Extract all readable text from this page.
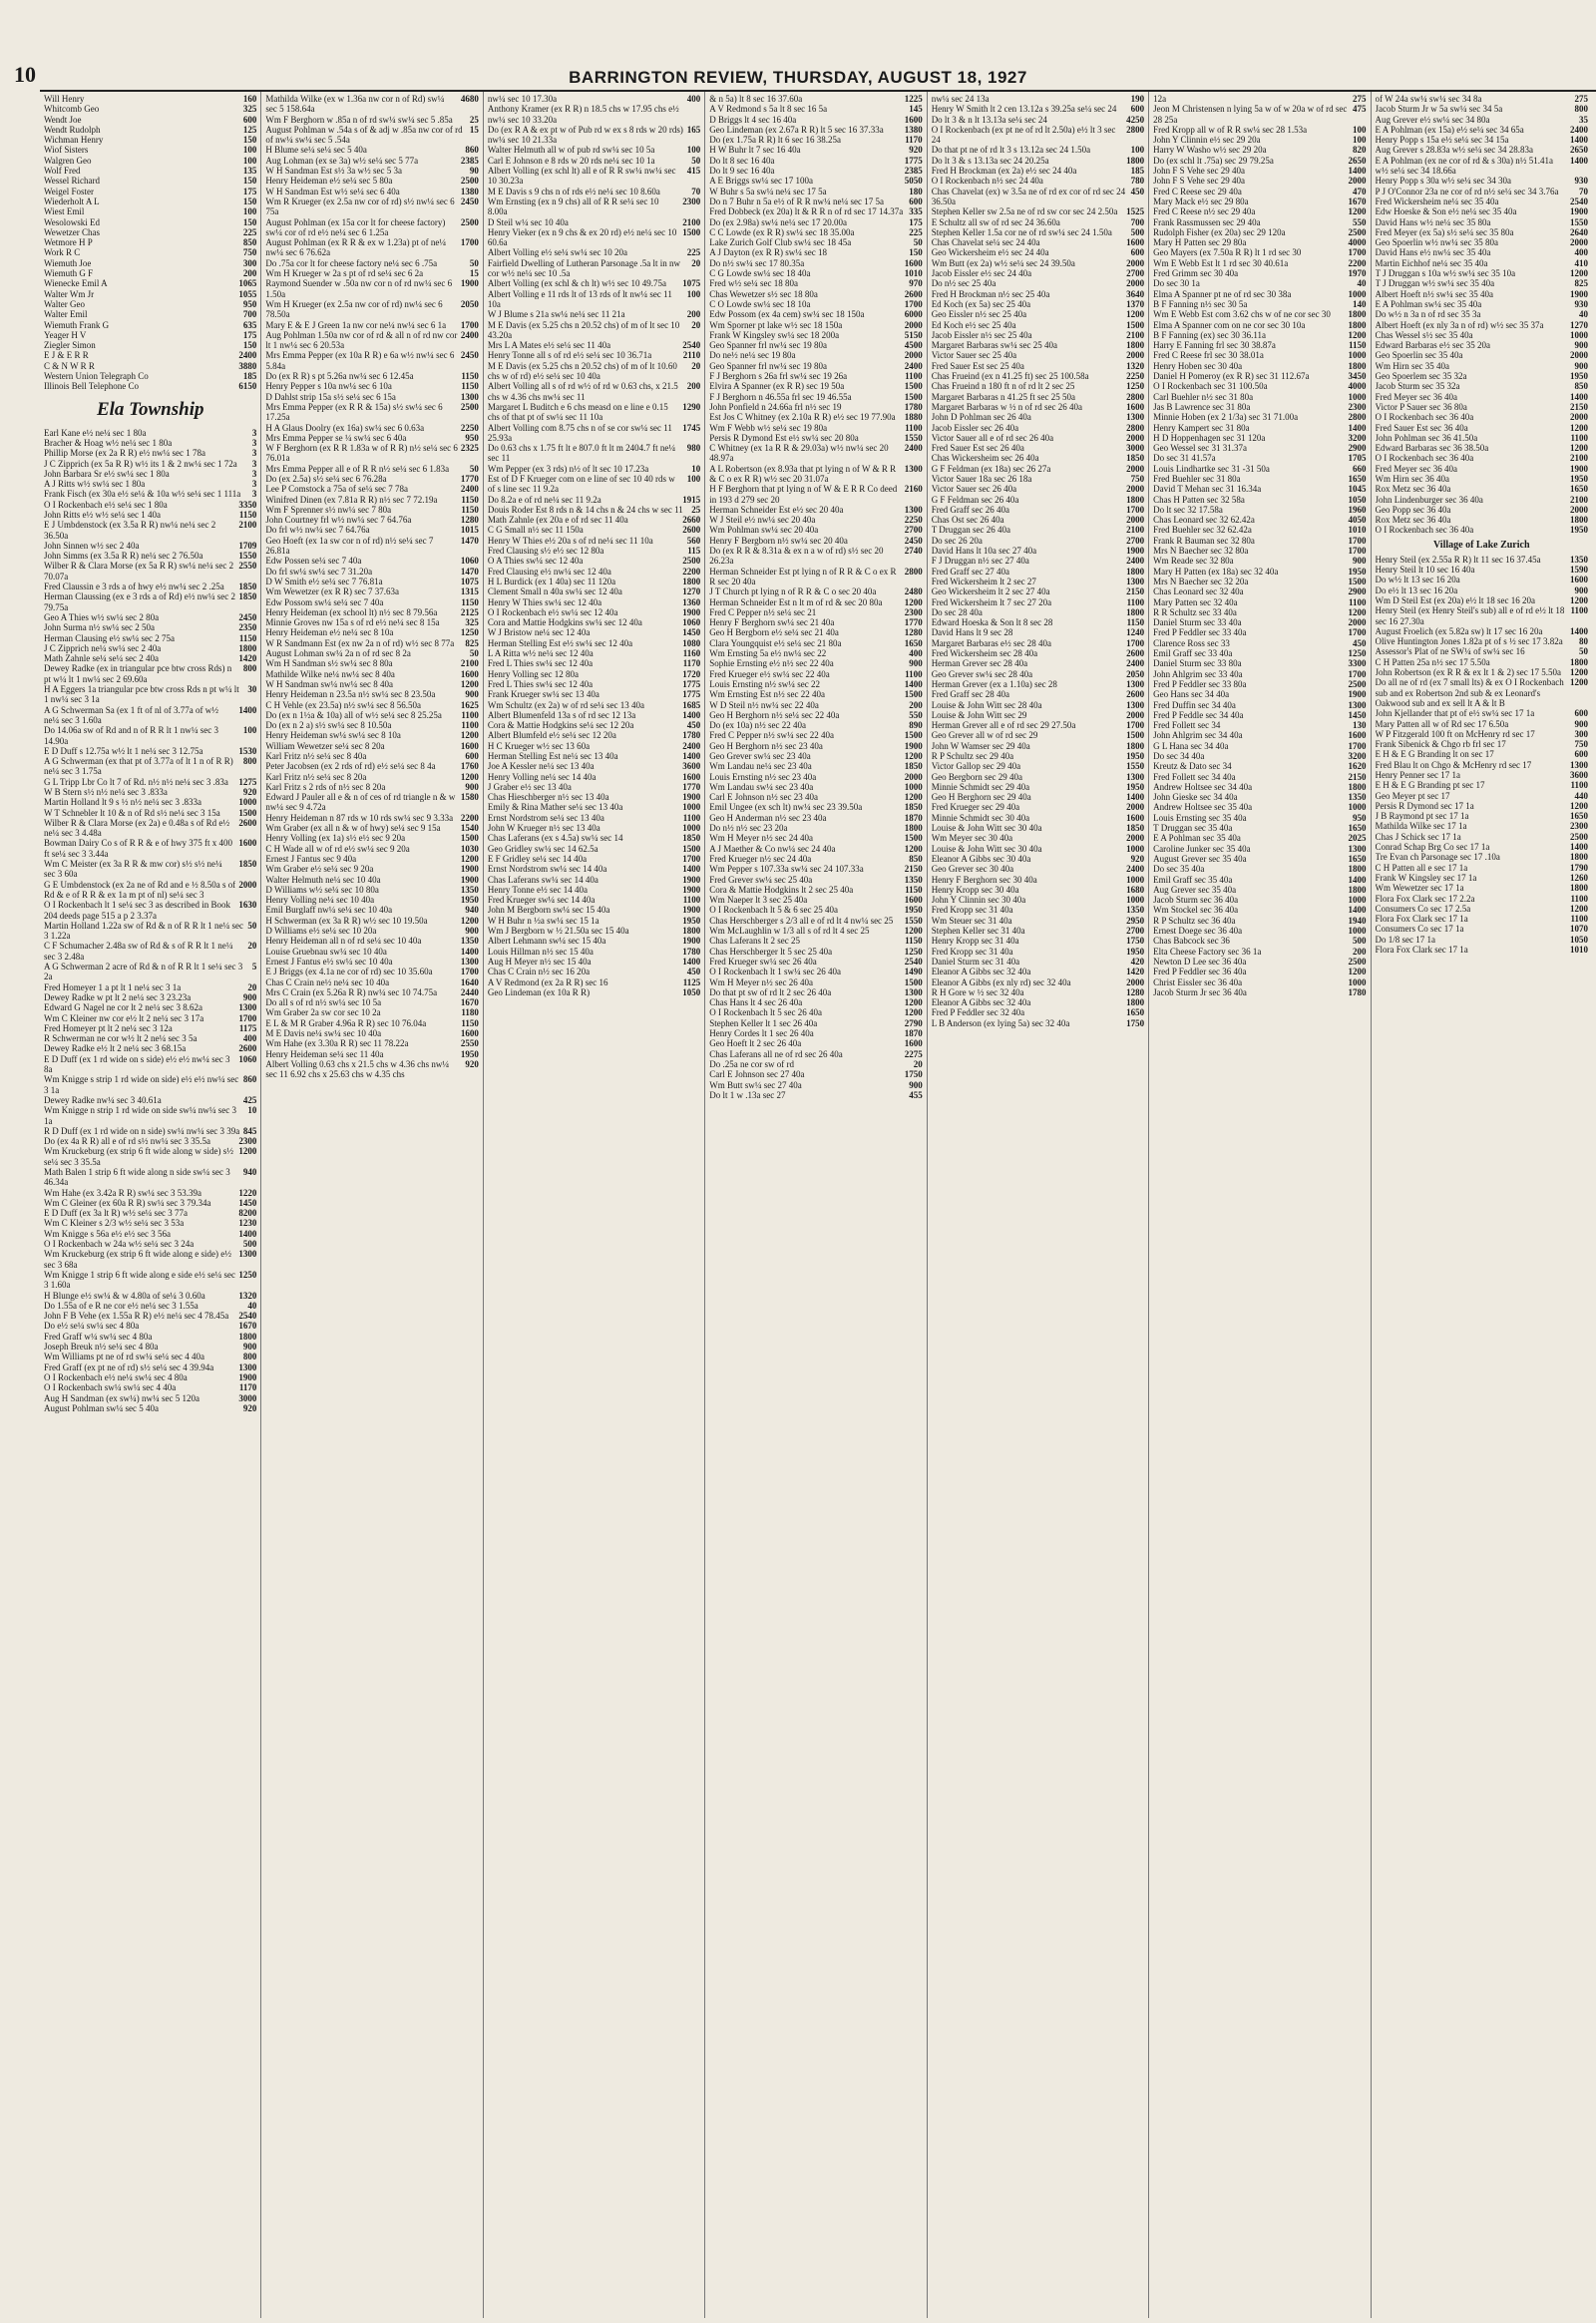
10	BARRINGTON REVIEW, THURSDAY, AUGUST 18, 1927
Will Henry	160
Whitcomb Geo	325
Wendt Joe	600
Wendt Rudolph	125
Wichman Henry	150
Wiof Sisters	100
Walgren Geo	100
Wolf Fred	135
Wessel Richard	150
Weigel Foster	175
Wiederholt A L	150
Wiest Emil	100
Wesolowski Ed	150
Wewetzer Chas	225
Wetmore H P	850
Work R C	750
Wiemuth Joe	300
Wiemuth G F	200
Wienecke Emil A	1065
Walter Wm Jr	1055
Walter Geo	950
Walter Emil	700
Wiemuth Frank G	635
Yeager H V	175
Ziegler Simon	150
E J & E R R	2400
C & N W R R	3880
Western Union Telegraph Co	185
Illinois Bell Telephone Co	6150
Ela Township
Earl Kane e½ ne¼ sec 1 80a	3
Bracher & Hoag w½ ne¼ sec 1 80a	3
Phillip Morse (ex 2a R R) e½ nw¼ sec 1 78a	3
J C Zipprich (ex 5a R R) w½ its 1 & 2 nw¼ sec 1 72a	3
John Barbara Sr e½ sw¼ sec 1 80a	3
A J Ritts w½ sw¼ sec 1 80a	3
Frank Fisch (ex 30a e½ se¼ & 10a w½ se¼ sec 1 111a	3
O I Rockenbach e½ se¼ sec 1 80a	3350
John Ritts e½ w½ se¼ sec 1 40a	1150
E J Umbdenstock (ex 3.5a R R) nw¼ ne¼ sec 2 36.50a
2100
John Sinnen w½ sec 2 40a	1709
John Simms (ex 3.5a R R) ne¼ sec 2 76.50a	1550
Wilber R & Clara Morse (ex 5a R R) sw¼ ne¼ sec 2 70.07a
2550
Fred Claussin e 3 rds a of hwy e½ nw¼ sec 2 .25a	1850
Herman Claussing (ex e 3 rds a of Rd) e½ nw¼ sec 2 79.75a
1850
Geo A Thies w½ sw¼ sec 2 80a	2450
John Surma n½ sw¼ sec 2 50a	2350
Herman Clausing e½ sw¼ sec 2 75a	1150
J C Zipprich ne¼ sw¼ sec 2 40a	1800
Math Zahnle se¼ se¼ sec 2 40a	1420
Dewey Radke (ex in triangular pce btw cross Rds) n pt w¼ lt 1 nw¼ sec 2 69.60a
800
H A Eggers 1a triangular pce btw cross Rds n pt w¼ lt 1 nw¼ sec 3 1a
30
A G Schwerman Sa (ex 1 ft of nl of 3.77a of w½ ne¼ sec 3 1.60a
1400
Do 14.06a sw of Rd and n of R R lt 1 nw¼ sec 3 14.90a
100
E D Duff s 12.75a w½ lt 1 ne¼ sec 3 12.75a	1530
A G Schwerman (ex that pt of 3.77a of lt 1 n of R R) ne¼ sec 3 1.75a
800
G L Tripp Lbr Co lt 7 of Rd. n½ n½ ne¼ sec 3 .83a	1275
W B Stern s½ n½ ne¼ sec 3 .833a	920
Martin Holland lt 9 s ½ n½ ne¼ sec 3 .833a	1000
W T Schnebler lt 10 & n of Rd s½ ne¼ sec 3 15a	1500
Wilber R & Clara Morse (ex 2a) e 0.48a s of Rd e½ ne¼ sec 3 4.48a
2600
Bowman Dairy Co s of R R & e of hwy 375 ft x 400 ft se¼ sec 3 3.44a
1600
Wm C Meister (ex 3a R R & mw cor) s½ s½ ne¼ sec 3 60a
1850
G E Umbdenstock (ex 2a ne of Rd and e ½ 8.50a s of Rd & e of R R & ex 1a m pt of nl) se¼ sec 3
2000
O I Rockenbach lt 1 se¼ sec 3 as described in Book 204 deeds page 515 a p 2 3.37a
1630
Martin Holland 1.22a sw of Rd & n of R R lt 1 ne¼ sec 3 1.22a
50
C F Schumacher 2.48a sw of Rd & s of R R lt 1 ne¼ sec 3 2.48a
20
A G Schwerman 2 acre of Rd & n of R R lt 1 se¼ sec 3 2a
5
Fred Homeyer 1 a pt lt 1 ne¼ sec 3 1a	20
Dewey Radke w pt lt 2 ne¼ sec 3 23.23a	900
Edward G Nagel ne cor lt 2 ne¼ sec 3 8.62a	1300
Wm C Kleiner nw cor e½ lt 2 ne¼ sec 3 17a	1700
Fred Homeyer pt lt 2 ne¼ sec 3 12a	1175
R Schwerman ne cor w½ lt 2 ne¼ sec 3 5a	400
Dewey Radke e½ lt 2 ne¼ sec 3 68.15a	2600
E D Duff (ex 1 rd wide on s side) e½ e½ nw¼ sec 3 8a
1060
Wm Knigge s strip 1 rd wide on side) e½ e½ nw¼ sec 3 1a
860
Dewey Radke nw¼ sec 3 40.61a	425
Wm Knigge n strip 1 rd wide on side sw¼ nw¼ sec 3 1a
10
R D Duff (ex 1 rd wide on n side) sw¼ nw¼ sec 3 39a 845
Do (ex 4a R R) all e of rd s½ nw¼ sec 3 35.5a	2300
Wm Kruckeburg (ex strip 6 ft wide along w side) s½ se¼ sec 3 35.5a
1200
Math Balen 1 strip 6 ft wide along n side sw¼ sec 3 46.34a
940
Wm Hahe (ex 3.42a R R) sw¼ sec 3 53.39a	1220
Wm C Gleiner (ex 60a R R) sw¼ sec 3 79.34a	1450
E D Duff (ex 3a lt R) w½ se¼ sec 3 77a	8200
Wm C Kleiner s 2/3 w½ se¼ sec 3 53a	1230
Wm Knigge s 56a e½ e½ sec 3 56a	1400
O I Rockenbach w 24a w½ se¼ sec 3 24a	500
Wm Kruckeburg (ex strip 6 ft wide along e side) e½ sec 3 68a
1300
Wm Knigge 1 strip 6 ft wide along e side e½ se¼ sec 3 1.60a
1250
H Blunge e½ sw¼ & w 4.80a of se¼ 3 0.60a	1320
Do 1.55a of e R ne cor e½ ne¼ sec 3 1.55a	40
John F B Vehe (ex 1.55a R R) e½ ne¼ sec 4 78.45a	2540
Do e½ se¼ sw¼ sec 4 80a	1670
Fred Graff w¼ sw¼ sec 4 80a	1800
Joseph Breuk n½ se¼ sec 4 80a	900
Wm Williams pt ne of rd sw¼ se¼ sec 4 40a	800
Fred Graff (ex pt ne of rd) s½ se¼ sec 4 39.94a	1300
O I Rockenbach e½ ne¼ sw¼ sec 4 80a	1900
O I Rockenbach sw¼ sw¼ sec 4 40a	1170
Aug H Sandman (ex sw¼) nw¼ sec 5 120a	3000
August Pohlman sw¼ sec 5 40a	920
Mathilda Wilke (ex w 1.36a nw cor n of Rd) sw¼ sec 5 158.64a
4680
Wm F Berghorn w .85a n of rd sw¼ sw¼ sec 5 .85a	25
August Pohlman w .54a s of & adj w .85a nw cor of rd of nw¼ sw¼ sec 5 .54a
15
H Blume se¼ se¼ sec 5 40a	860
Aug Lohman (ex se 3a) w½ se¼ sec 5 77a	2385
W H Sandman Est s½ 3a w½ sec 5 3a	90
Henry Heideman e½ se¼ sec 5 80a	2500
W H Sandman Est w½ se¼ sec 6 40a	1380
Wm R Krueger (ex 2.5a nw cor of rd) s½ nw¼ sec 6 75a
2450
August Pohlman (ex 15a cor lt for cheese factory) sw¼ cor of rd e½ ne¼ sec 6 1.25a
2500
August Pohlman (ex R R & ex w 1.23a) pt of ne¼ nw¼ sec 6 76.62a
1700
Do .75a cor lt for cheese factory ne¼ sec 6 .75a	50
Wm H Krueger w 2a s pt of rd se¼ sec 6 2a	15
Raymond Suender w .50a nw cor n of rd nw¼ sec 6 1.50a
1900
Wm H Krueger (ex 2.5a nw cor of rd) nw¼ sec 6 78.50a
2050
Mary E & E J Green 1a nw cor ne¼ nw¼ sec 6 1a	1700
Aug Pohlman 1.50a nw cor of rd & all n of rd nw cor lt 1 nw¼ sec 6 20.53a
2400
Mrs Emma Pepper (ex 10a R R) e 6a w½ nw¼ sec 6 5.84a
2450
Do (ex R R) s pt 5.26a nw¼ sec 6 12.45a	1150
Henry Pepper s 10a nw¼ sec 6 10a	1150
D Dahlst strip 15a s½ se¼ sec 6 15a	1300
Mrs Emma Pepper (ex R R & 15a) s½ sw¼ sec 6 17.25a
2500
H A Glaus Doolry (ex 16a) sw¼ sec 6 0.63a	2250
Mrs Emma Pepper se ¼ sw¼ sec 6 40a	950
W F Berghorn (ex R R 1.83a w of R R) n½ se¼ sec 6 76.01a
2325
Mrs Emma Pepper all e of R R n½ se¼ sec 6 1.83a	50
Do (ex 2.5a) s½ se¼ sec 6 76.28a	1770
Lee P Comstock a 75a of se¼ sec 7 78a	2400
Winifred Dinen (ex 7.81a R R) n½ sec 7 72.19a	1150
Wm F Sprenner s½ nw¼ sec 7 80a	1150
John Courtney frl w½ nw¼ sec 7 64.76a	1280
Do frl w½ nw¼ sec 7 64.76a	1015
Geo Hoeft (ex 1a sw cor n of rd) n½ se¼ sec 7 26.81a
1470
Edw Possen se¼ sec 7 40a	1060
Do frl sw¼ sw¼ sec 7 31.20a	1470
D W Smith e½ se¼ sec 7 76.81a	1075
Wm Wewetzer (ex R R) sec 7 37.63a	1315
Edw Possom sw¼ se¼ sec 7 40a	1150
Henry Heideman (ex school lt) n½ sec 8 79.56a	2125
Minnie Groves nw 15a s of rd e½ ne¼ sec 8 15a	325
Henry Heideman e½ ne¼ sec 8 10a	1250
W R Sandmann Est (ex nw 2a n of rd) w½ sec 8 77a	825
August Lohman sw¼ 2a n of rd sec 8 2a	50
Wm H Sandman s½ sw¼ sec 8 80a	2100
Mathilde Wilke ne¼ nw¼ sec 8 40a	1600
W H Sandman sw¼ nw¼ sec 8 40a	1200
Henry Heideman n 23.5a n½ sw¼ sec 8 23.50a	900
C H Vehle (ex 23.5a) n½ sw¼ sec 8 56.50a	1625
Do (ex n 1½a & 10a) all of w½ se¼ sec 8 25.25a	1100
Do (ex n 2 a) s½ sw¼ sec 8 10.50a	1100
Henry Heideman sw¼ sw¼ sec 8 10a	1200
William Wewetzer se¼ sec 8 20a	1600
Karl Fritz n½ se¼ sec 8 40a	600
Peter Jacobsen (ex 2 rds of rd) e½ se¼ sec 8 4a	1760
Karl Fritz n½ se¼ sec 8 20a	1200
Karl Fritz s 2 rds of n½ sec 8 20a	900
Edward J Pauler all e & n of ces of rd triangle n & w nw¼ sec 9 4.72a
1580
Henry Heideman n 87 rds w 10 rds sw¼ sec 9 3.33a 2200
Wm Graber (ex all n & w of hwy) se¼ sec 9 15a	1540
Henry Volling (ex 1a) s½ e½ sec 9 20a	1500
C H Wade all w of rd e½ sw¼ sec 9 20a	1030
Ernest J Fantus sec 9 40a	1200
Wm Graber e½ se¼ sec 9 20a	1900
Walter Helmuth ne¼ sec 10 40a	1900
D Williams w½ se¼ sec 10 80a	1350
Henry Volling ne¼ sec 10 40a	1950
Emil Burglaff nw¼ se¼ sec 10 40a	940
H Schwerman (ex 3a R R) w½ sec 10 19.50a	1200
D Williams e½ se¼ sec 10 20a	900
Henry Heideman all n of rd se¼ sec 10 40a	1350
Louise Gruebnau sw¼ sec 10 40a	1400
Ernest J Fantus e½ sw¼ sec 10 40a	1300
E J Briggs (ex 4.1a ne cor of rd) sec 10 35.60a	1700
Chas C Crain ne½ ne¼ sec 10 40a	1640
Mrs C Crain (ex 5.26a R R) nw¼ sec 10 74.75a	2440
Do all s of rd n½ sw¼ sec 10 5a	1670
Wm Graber 2a sw cor sec 10 2a	1180
E L & M R Graber 4.96a R R) sec 10 76.04a	1150
M E Davis ne¼ sw¼ sec 10 40a	1600
Wm Hahe (ex 3.30a R R) sec 11 78.22a	2550
Henry Heideman se¼ sec 11 40a	1950
Albert Volling 0.63 chs x 21.5 chs w 4.36 chs nw¼ sec 11 6.92 chs x 25.63 chs w 4.35 chs
920
nw¼ sec 10 17.30a	400
Anthony Kramer (ex R R) n 18.5 chs w 17.95 chs e½ nw¼ sec 10 33.20a
Do (ex R A & ex pt w of Pub rd w ex s 8 rds w 20 rds) nw¼ sec 10 21.33a
165
Walter Helmuth all w of pub rd sw¼ sec 10 5a	100
Carl E Johnson e 8 rds w 20 rds ne¼ sec 10 1a	50
Albert Volling (ex schl lt) all e of R R sw¼ nw¼ sec 10 30.23a
415
M E Davis s 9 chs n of rds e½ ne¼ sec 10 8.60a	70
Wm Ernsting (ex n 9 chs) all of R R se¼ sec 10 8.00a
2300
D Steil w¼ sec 10 40a	2100
Henry Vieker (ex n 9 chs & ex 20 rd) e½ ne¼ sec 10 60.6a
1500
Albert Volling e½ se¼ sw¼ sec 10 20a	225
Fairfield Dwelling of Lutheran Parsonage .5a lt in nw cor w½ ne¼ sec 10 .5a
20
Albert Volling (ex schl & ch lt) w½ sec 10 49.75a	1075
Albert Volling e 11 rds lt of 13 rds of lt nw¼ sec 11 10a
100
W J Blume s 21a sw¼ ne¼ sec 11 21a	200
M E Davis (ex 5.25 chs n 20.52 chs) of m of lt sec 10 43.20a
20
Mrs L A Mates e½ se¼ sec 11 40a	2540
Henry Tonne all s of rd e½ se¼ sec 10 36.71a	2110
M E Davis (ex 5.25 chs n 20.52 chs) of m of lt 10.60 chs w of rd) e½ se¼ sec 10 40a
20
Albert Volling all s of rd w½ of rd w 0.63 chs, x 21.5 chs w 4.36 chs nw¼ sec 11
200
Margaret L Buditch e 6 chs measd on e line e 0.15 chs of that pt of sw¼ sec 11 10a
1290
Albert Volling com 8.75 chs n of se cor sw¼ sec 11 25.93a
1745
Do 0.63 chs x 1.75 ft lt e 807.0 ft lt m 2404.7 ft ne¼ sec 11
980
Wm Pepper (ex 3 rds) n½ of lt sec 10 17.23a	10
Est of D F Krueger com on e line of sec 10 40 rds w of s line sec 11 9.2a
100
Do 8.2a e of rd ne¼ sec 11 9.2a	1915
Douis Roder Est 8 rds n & 14 chs n & 24 chs w sec 11 25
Math Zahnle (ex 20a e of rd sec 11 40a	2660
C G Small n½ sec 11 150a	2600
Henry W Thies e½ 20a s of rd ne¼ sec 11 10a	560
Fred Clausing s½ e½ sec 12 80a	115
O A Thies sw¼ sec 12 40a	2500
Fred Clausing e½ nw¼ sec 12 40a	2200
H L Burdick (ex 1 40a) sec 11 120a	1800
Clement Small n 40a sw¼ sec 12 40a	1270
Henry W Thies sw¼ sec 12 40a	1360
O I Rockenbach e½ sw¼ sec 12 40a	1900
Cora and Mattie Hodgkins sw¼ sec 12 40a	1060
W J Bristow ne¼ sec 12 40a	1450
Herman Stelling Est e½ sw¼ sec 12 40a	1080
L A Ritta w½ ne¼ sec 12 40a	1160
Fred L Thies sw¼ sec 12 40a	1170
Henry Volling sec 12 80a	1720
Fred L Thies sw¼ sec 12 40a	1775
Frank Krueger sw¼ sec 13 40a	1775
Wm Schultz (ex 2a) w of rd se¼ sec 13 40a	1685
Albert Blumenfeld 13a s of rd sec 12 13a	1400
Cora & Mattie Hodgkins se¼ sec 12 20a	450
Albert Blumfeld e½ se¼ sec 12 20a	1780
H C Krueger w½ sec 13 60a	2400
Herman Stelling Est ne¼ sec 13 40a	1400
Joe A Kessler ne¼ sec 13 40a	3600
Henry Volling ne¼ sec 14 40a	1600
J Graber e½ sec 13 40a	1770
Chas Hieschberger n½ sec 13 40a	1900
Emily & Rina Mather se¼ sec 13 40a	1000
Ernst Nordstrom se¼ sec 13 40a	1100
John W Krueger n½ sec 13 40a	1000
Chas Laferans (ex s 4.5a) sw¼ sec 14	1850
Geo Gridley sw¼ sec 14 62.5a	1500
E F Gridley se¼ sec 14 40a	1700
Ernst Nordstrom sw¼ sec 14 40a	1400
Chas Laferans sw¼ sec 14 40a	1900
Henry Tonne e½ sec 14 40a	1900
Fred Krueger sw¼ sec 14 40a	1100
John M Bergborn sw¼ sec 15 40a	1900
W H Buhr n ½a sw¼ sec 15 1a	1950
Wm J Bergborn w ½ 21.50a sec 15 40a	1800
Albert Lehmann sw¼ sec 15 40a	1900
Louis Hillman n½ sec 15 40a	1780
Aug H Meyer n½ sec 15 40a	1400
Chas C Crain n½ sec 16 20a	450
A V Redmond (ex 2a R R) sec 16	1125
Geo Lindeman (ex 10a R R)	1050
& n 5a) lt 8 sec 16 37.60a	1225
A V Redmond s 5a lt 8 sec 16 5a	145
D Briggs lt 4 sec 16 40a	1600
Geo Lindeman (ex 2.67a R R) lt 5 sec 16 37.33a	1380
Do (ex 1.75a R R) lt 6 sec 16 38.25a	1170
H W Buhr lt 7 sec 16 40a	920
Do lt 8 sec 16 40a	1775
Do lt 9 sec 16 40a	2385
A E Briggs sw¼ sec 17 100a	5050
W Buhr s 5a sw¼ ne¼ sec 17 5a	180
Do n 7 Buhr n 5a e½ of R R nw¼ ne¼ sec 17 5a	600
Fred Dobbeck (ex 20a) lt & R R n of rd sec 17 14.37a 335
Do (ex 2.98a) sw¼ ne¼ sec 17 20.00a	175
C C Lowde (ex R R) sw¼ sec 18 35.00a	225
Lake Zurich Golf Club sw¼ sec 18 45a	50
A J Dayton (ex R R) sw¼ sec 18	150
Do n½ sw¼ sec 17 80.35a	1600
C G Lowde sw¼ sec 18 40a	1010
Fred w½ se¼ sec 18 80a	970
Chas Wewetzer s½ sec 18 80a	2600
C O Lowde sw¼ sec 18 10a	1700
Edw Possom (ex 4a cem) sw¼ sec 18 150a	6000
Wm Sporner pt lake w½ sec 18 150a	2000
Frank W Kingsley sw¼ sec 18 200a	5150
Geo Spanner frl nw¼ sec 19 80a	4500
Do ne½ ne¼ sec 19 80a	2000
Geo Spanner frl nw¼ sec 19 80a	2400
F J Berghorn s 26a frl sw¼ sec 19 26a	1100
Elvira A Spanner (ex R R) sec 19 50a	1500
F J Berghorn n 46.55a frl sec 19 46.55a	1500
John Ponfield n 24.66a frl n½ sec 19	1780
Est Jos C Whitney (ex 2.10a R R) e½ sec 19 77.90a	1880
Wm F Webb w½ se¼ sec 19 80a	1100
Persis R Dymond Est e½ sw¼ sec 20 80a	1550
C Whitney (ex 1a R R & 29.03a) w½ nw¼ sec 20 48.97a
2400
A L Robertson (ex 8.93a that pt lying n of W & R R & C o ex R R) w½ sec 20 31.07a
1300
H F Berghorn that pt lying n of W & E R R Co deed in 193 d 279 sec 20
2160
Herman Schneider Est e½ sec 20 40a	1300
W J Steil e½ nw¼ sec 20 40a	2250
Wm Pohlman sw¼ sec 20 40a	2700
Henry F Bergborn n½ sw¼ sec 20 40a	2450
Do (ex R R & 8.31a & ex n a w of rd) s½ sec 20 26.23a
2740
Herman Schneider Est pt lying n of R R & C o ex R R sec 20 40a
2800
J T Church pt lying n of R R & C o sec 20 40a	2480
Herman Schneider Est n lt m of rd & sec 20 80a	1200
Fred C Pepper n½ se¼ sec 21	2300
Henry F Berghorn sw¼ sec 21 40a	1770
Geo H Bergborn e½ se¼ sec 21 40a	1280
Clara Youngquist e½ se¼ sec 21 80a	1650
Wm Ernsting 5a e½ nw¼ sec 22	400
Sophie Ernsting e½ n½ sec 22 40a	900
Fred Krueger e½ sw¼ sec 22 40a	1100
Louis Ernsting n½ sw¼ sec 22	1400
Wm Ernsting Est n½ sec 22 40a	1500
W D Steil n½ nw¼ sec 22 40a	200
Geo H Berghorn n½ se¼ sec 22 40a	550
Do (ex 10a) n½ sec 22 40a	890
Fred C Pepper n½ sw¼ sec 22 40a	1500
Geo H Berghorn n½ sec 23 40a	1900
Geo Grever sw¼ sec 23 40a	1200
Wm Landau ne¼ sec 23 40a	1850
Louis Ernsting n½ sec 23 40a	2000
Wm Landau sw¼ sec 23 40a	1000
Carl E Johnson n½ sec 23 40a	1200
Emil Ungee (ex sch lt) nw¼ sec 23 39.50a	1850
Geo H Anderman n½ sec 23 40a	1870
Do n½ n½ sec 23 20a	1800
Wm H Meyer n½ sec 24 40a	1500
A J Maether & Co nw¼ sec 24 40a	1200
Fred Krueger n½ sec 24 40a	850
Wm Pepper s 107.33a sw¼ sec 24 107.33a	2150
Fred Grever sw¼ sec 25 40a	1350
Cora & Mattie Hodgkins lt 2 sec 25 40a	1150
Wm Naeper lt 3 sec 25 40a	1600
O I Rockenbach lt 5 & 6 sec 25 40a	1950
Chas Herschberger s 2/3 all e of rd lt 4 nw¼ sec 25	1550
Wm McLaughlin w 1/3 all s of rd lt 4 sec 25	1200
Chas Laferans lt 2 sec 25	1150
Chas Herschberger lt 5 sec 25 40a	1250
Fred Krueger sw¼ sec 26 40a	2540
O I Rockenbach lt 1 sw¼ sec 26 40a	1490
Wm H Meyer n½ sec 26 40a	1500
Do that pt sw of rd lt 2 sec 26 40a	1300
Chas Hans lt 4 sec 26 40a	1200
O I Rockenbach lt 5 sec 26 40a	1200
Stephen Keller lt 1 sec 26 40a	2790
Henry Cordes lt 1 sec 26 40a	1870
Geo Hoeft lt 2 sec 26 40a	1600
Chas Laferans all ne of rd sec 26 40a	2275
Do .25a ne cor sw of rd	20
Carl E Johnson sec 27 40a	1750
Wm Butt sw¼ sec 27 40a	900
Do lt 1 w .13a sec 27	455
nw¼ sec 24 13a	190
Henry W Smith lt 2 cen 13.12a s 39.25a se¼ sec 24	600
Do lt 3 & n lt 13.13a se¼ sec 24	4250
O I Rockenbach (ex pt ne of rd lt 2.50a) e½ lt 3 sec 24
2800
Do that pt ne of rd lt 3 s 13.12a sec 24 1.50a	100
Do lt 3 & s 13.13a sec 24 20.25a	1800
Fred H Brockman (ex 2a) e½ sec 24 40a	185
O I Rockenbach n½ sec 24 40a	780
Chas Chavelat (ex) w 3.5a ne of rd ex cor of rd sec 24 36.50a
450
Stephen Keller sw 2.5a ne of rd sw cor sec 24 2.50a 1525
E Schultz all sw of rd sec 24 36.60a	700
Stephen Keller 1.5a cor ne of rd sw¼ sec 24 1.50a	500
Chas Chavelat se¼ sec 24 40a	1600
Geo Wickersheim e½ sec 24 40a	600
Wm Butt (ex 2a) w½ se¼ sec 24 39.50a	2000
Jacob Eissler e½ sec 24 40a	2700
Do n½ sec 25 40a	2000
Fred H Brockman n½ sec 25 40a	3640
Ed Koch (ex 5a) sec 25 40a	1370
Geo Eissler n½ sec 25 40a	1200
Ed Koch e½ sec 25 40a	1500
Jacob Eissler n½ sec 25 40a	2100
Margaret Barbaras sw¼ sec 25 40a	1800
Victor Sauer sec 25 40a	2000
Fred Sauer Est sec 25 40a	1320
Chas Frueind (ex n 41.25 ft) sec 25 100.58a	2250
Chas Frueind n 180 ft n of rd lt 2 sec 25	1250
Margaret Barbaras n 41.25 ft sec 25 50a	2800
Margaret Barbaras w ½ n of rd sec 26 40a	1600
John D Pohlman sec 26 40a	1300
Jacob Eissler sec 26 40a	2800
Victor Sauer all e of rd sec 26 40a	2000
Fred Sauer Est sec 26 40a	3000
Chas Wickersheim sec 26 40a	1850
G F Feldman (ex 18a) sec 26 27a	2000
Victor Sauer 18a sec 26 18a	750
Victor Sauer sec 26 40a	2000
G F Feldman sec 26 40a	1800
Fred Graff sec 26 40a	1700
Chas Ost sec 26 40a	2000
T Druggan sec 26 40a	2100
Do sec 26 20a	2700
David Hans lt 10a sec 27 40a	1900
F J Druggan n½ sec 27 40a	2400
Fred Graff sec 27 40a	1800
Fred Wickersheim lt 2 sec 27	1300
Geo Wickersheim lt 2 sec 27 40a	2150
Fred Wickersheim lt 7 sec 27 20a	1100
Do sec 28 40a	1800
Edward Hoeska & Son lt 8 sec 28	1150
David Hans lt 9 sec 28	1240
Margaret Barbaras e½ sec 28 40a	1700
Fred Wickersheim sec 28 40a	2600
Herman Grever sec 28 40a	2400
Geo Grever sw¼ sec 28 40a	2050
Herman Grever (ex a 1.10a) sec 28	1300
Fred Graff sec 28 40a	2600
Louise & John Witt sec 28 40a	1300
Louise & John Witt sec 29	2000
Herman Grever all e of rd sec 29 27.50a	1700
Geo Grever all w of rd sec 29	1500
John W Wamser sec 29 40a	1800
R P Schultz sec 29 40a	1950
Victor Gallop sec 29 40a	1550
Geo Bergborn sec 29 40a	1300
Minnie Schmidt sec 29 40a	1950
Geo H Berghorn sec 29 40a	1400
Fred Krueger sec 29 40a	2000
Minnie Schmidt sec 30 40a	1600
Louise & John Witt sec 30 40a	1850
Wm Meyer sec 30 40a	2000
Louise & John Witt sec 30 40a	1000
Eleanor A Gibbs sec 30 40a	920
Geo Grever sec 30 40a	2400
Henry F Berghorn sec 30 40a	1000
Henry Kropp sec 30 40a	1680
John Y Clinnin sec 30 40a	1000
Fred Kropp sec 31 40a	1350
Wm Steuer sec 31 40a	2950
Stephen Keller sec 31 40a	2700
Henry Kropp sec 31 40a	1750
Fred Kropp sec 31 40a	1950
Daniel Sturm sec 31 40a	420
Eleanor A Gibbs sec 32 40a	1420
Eleanor A Gibbs (ex nly rd) sec 32 40a	2000
R H Gore w ½ sec 32 40a	1280
Eleanor A Gibbs sec 32 40a	1800
Fred P Feddler sec 32 40a	1650
L B Anderson (ex lying 5a) sec 32 40a	1750
12a	275
Jeon M Christensen n lying 5a w of w 20a w of rd sec 28 25a
475
Fred Kropp all w of R R sw¼ sec 28 1.53a	100
John Y Clinnin e½ sec 29 20a	100
Harry W Washo w½ sec 29 20a	820
Do (ex schl lt .75a) sec 29 79.25a	2650
John F S Vehe sec 29 40a	1400
John F S Vehe sec 29 40a	2000
Fred C Reese sec 29 40a	470
Mary Mack e½ sec 29 80a	1670
Fred C Reese n½ sec 29 40a	1200
Frank Rassmussen sec 29 40a	550
Rudolph Fisher (ex 20a) sec 29 120a	2500
Mary H Patten sec 29 80a	4000
Geo Mayers (ex 7.50a R R) lt 1 rd sec 30	1700
Wm E Webb Est lt 1 rd sec 30 40.61a	2200
Fred Grimm sec 30 40a	1970
Do sec 30 1a	40
Elma A Spanner pt ne of rd sec 30 38a	1000
B F Fanning n½ sec 30 5a	140
Wm E Webb Est com 3.62 chs w of ne cor sec 30	1800
Elma A Spanner com on ne cor sec 30 10a	1800
B F Fanning (ex) sec 30 36.11a	1200
Harry E Fanning frl sec 30 38.87a	1150
Fred C Reese frl sec 30 38.01a	1000
Henry Hoben sec 30 40a	1800
Daniel H Pomeroy (ex R R) sec 31 112.67a	3450
O I Rockenbach sec 31 100.50a	4000
Carl Buehler n½ sec 31 80a	1000
Jas B Lawrence sec 31 80a	2300
Minnie Hoben (ex 2 1/3a) sec 31 71.00a	2800
Henry Kampert sec 31 80a	1400
H D Hoppenhagen sec 31 120a	3200
Geo Wessel sec 31 31.37a	2900
Do sec 31 41.57a	1705
Louis Lindhartke sec 31 -31 50a	660
Fred Buehler sec 31 80a	1650
David T Mehan sec 31 16.34a	1045
Chas H Patten sec 32 58a	1050
Do lt sec 32 17.58a	1960
Chas Leonard sec 32 62.42a	4050
Fred Buehler sec 32 62.42a	1010
Frank R Bauman sec 32 80a	1700
Mrs N Baecher sec 32 80a	1700
Wm Reade sec 32 80a	900
Mary H Patten (ex 18a) sec 32 40a	1950
Mrs N Baecher sec 32 20a	1500
Chas Leonard sec 32 40a	2900
Mary Patten sec 32 40a	1100
R R Schultz sec 33 40a	1200
Daniel Sturm sec 33 40a	2000
Fred P Feddler sec 33 40a	1700
Clarence Ross sec 33	450
Emil Graff sec 33 40a	1250
Daniel Sturm sec 33 80a	3300
John Ahlgrim sec 33 40a	1700
Fred P Feddler sec 33 80a	2500
Geo Hans sec 34 40a	1900
Fred Duffin sec 34 40a	1300
Fred P Feddle sec 34 40a	1450
Fred Follett sec 34	130
John Ahlgrim sec 34 40a	1600
G L Hana sec 34 40a	1700
Do sec 34 40a	3200
Kreutz & Dato sec 34	1620
Fred Follett sec 34 40a	2150
Andrew Holtsee sec 34 40a	1800
John Gieske sec 34 40a	1350
Andrew Holtsee sec 35 40a	1000
Louis Ernsting sec 35 40a	950
T Druggan sec 35 40a	1650
E A Pohlman sec 35 40a	2025
Caroline Junker sec 35 40a	1300
August Grever sec 35 40a	1650
Do sec 35 40a	1800
Emil Graff sec 35 40a	1400
Aug Grever sec 35 40a	1800
Jacob Sturm sec 36 40a	1000
Wm Stockel sec 36 40a	1400
R P Schultz sec 36 40a	1940
Ernest Doege sec 36 40a	1000
Chas Babcock sec 36	500
Elta Cheese Factory sec 36 1a	200
Newton D Lee sec 36 40a	2500
Fred P Feddler sec 36 40a	1200
Christ Eissler sec 36 40a	1000
Jacob Sturm Jr sec 36 40a	1780
of W 24a sw¼ sw¼ sec 34 8a	275
Jacob Sturm Jr w 5a sw¼ sec 34 5a	800
Aug Grever e½ sw¼ sec 34 80a	35
E A Pohlman (ex 15a) e½ se¼ sec 34 65a	2400
Henry Popp s 15a e½ se¼ sec 34 15a	1400
Aug Grever s 28.83a w½ se¼ sec 34 28.83a	2650
E A Pohlman (ex ne cor of rd & s 30a) n½ 51.41a w½ se¼ sec 34 18.66a
1400
Henry Popp s 30a w½ se¼ sec 34 30a	930
P J O'Connor 23a ne cor of rd n½ se¼ sec 34 3.76a	70
Fred Wickersheim ne¼ sec 35 40a	2540
Edw Hoeske & Son e½ ne¼ sec 35 40a	1900
David Hans w½ ne¼ sec 35 80a	1550
Fred Meyer (ex 5a) s½ se¼ sec 35 80a	2640
Geo Spoerlin w½ nw¼ sec 35 80a	2000
David Hans e½ nw¼ sec 35 40a	400
Martin Eichhof ne¼ sec 35 40a	410
T J Druggan s 10a w½ sw¼ sec 35 10a	1200
T J Druggan w½ sw¼ sec 35 40a	825
Albert Hoeft n½ sw¼ sec 35 40a	1900
E A Pohlman sw¼ sec 35 40a	930
Do w½ n 3a n of rd sec 35 3a	40
Albert Hoeft (ex nly 3a n of rd) w½ sec 35 37a	1270
Chas Wessel s½ sec 35 40a	1000
Edward Barbaras e½ sec 35 20a	900
Geo Spoerlin sec 35 40a	2000
Wm Hirn sec 35 40a	900
Geo Spoerlem sec 35 32a	1950
Jacob Sturm sec 35 32a	850
Fred Meyer sec 36 40a	1400
Victor P Sauer sec 36 80a	2150
O I Rockenbach sec 36 40a	2000
Fred Sauer Est sec 36 40a	1200
John Pohlman sec 36 41.50a	1100
Edward Barbaras sec 36 38.50a	1200
O I Rockenbach sec 36 40a	2100
Fred Meyer sec 36 40a	1900
Wm Hirn sec 36 40a	1950
Rox Metz sec 36 40a	1650
John Lindenburger sec 36 40a	2100
Geo Popp sec 36 40a	2000
Rox Metz sec 36 40a	1800
O I Rockenbach sec 36 40a	1950
Village of Lake Zurich
Henry Steil (ex 2.55a R R) lt 11 sec 16 37.45a	1350
Henry Steil lt 10 sec 16 40a	1590
Do w½ lt 13 sec 16 20a	1600
Do e½ lt 13 sec 16 20a	900
Wm D Steil Est (ex 20a) e½ lt 18 sec 16 20a	1200
Henry Steil (ex Henry Steil's sub) all e of rd e½ lt 18 sec 16 27.30a
1100
August Froelich (ex 5.82a sw) lt 17 sec 16 20a	1400
Olive Huntington Jones 1.82a pt of s ½ sec 17 3.82a	80
Assessor's Plat of ne SW¼ of sw¼ sec 16	50
C H Patten 25a n½ sec 17 5.50a	1800
John Robertson (ex R R & ex lt 1 & 2) sec 17 5.50a 1200
Do all ne of rd (ex 7 small lts) & ex O I Rockenbach sub and ex Robertson 2nd sub & ex Leonard's Oakwood sub and ex sell lt A & lt B
1200
John Kjellander that pt of e½ sw¼ sec 17 1a	600
Mary Patten all w of Rd sec 17 6.50a	900
W P Fitzgerald 100 ft on McHenry rd sec 17	300
Frank Sibenick & Chgo rb frl sec 17	750
E H & E G Branding lt on sec 17	600
Fred Blau lt on Chgo & McHenry rd sec 17	1300
Henry Penner sec 17 1a	3600
E H & E G Branding pt sec 17	1100
Geo Meyer pt sec 17	440
Persis R Dymond sec 17 1a	1200
J B Raymond pt sec 17 1a	1650
Mathilda Wilke sec 17 1a	2300
Chas J Schick sec 17 1a	2500
Conrad Schap Brg Co sec 17 1a	1400
Tre Evan ch Parsonage sec 17 .10a	1800
C H Patten all e sec 17 1a	1790
Frank W Kingsley sec 17 1a	1260
Wm Wewetzer sec 17 1a	1800
Flora Fox Clark sec 17 2.2a	1100
Consumers Co sec 17 2.5a	1200
Flora Fox Clark sec 17 1a	1100
Consumers Co sec 17 1a	1070
Do 1/8 sec 17 1a	1050
Flora Fox Clark sec 17 1a	1010
